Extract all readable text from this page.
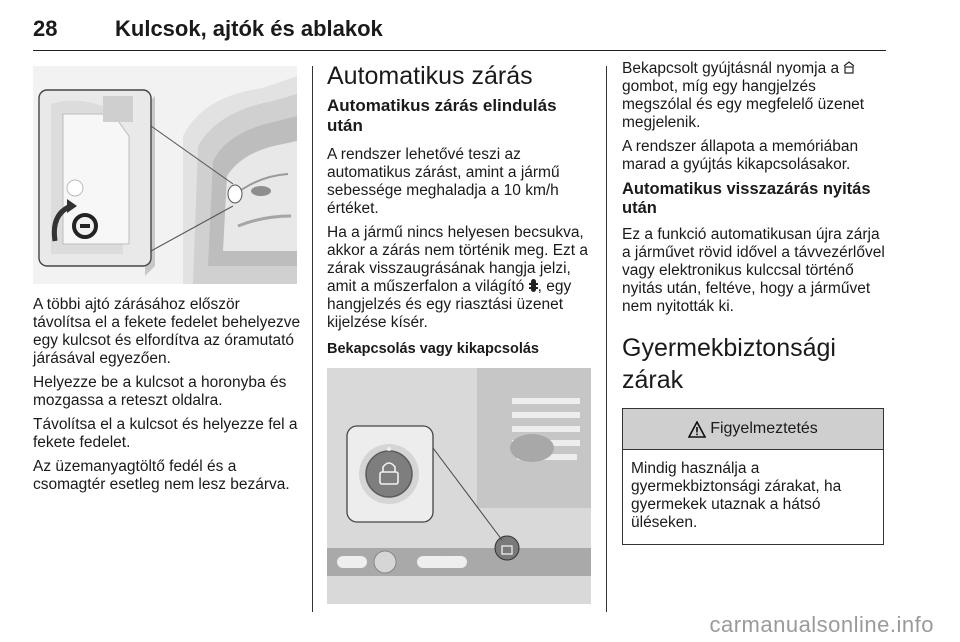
28	Kulcsok, ajtók és ablakok

A többi ajtó zárásához először távolítsa el a fekete fedelet behelyezve egy kulcsot és elfordítva az óramutató járásával egyezően.

Helyezze be a kulcsot a horonyba és mozgassa a reteszt oldalra.

Távolítsa el a kulcsot és helyezze fel a fekete fedelet.

Az üzemanyagtöltő fedél és a csomagtér esetleg nem lesz bezárva.

Automatikus zárás
Automatikus zárás elindulás után

A rendszer lehetővé teszi az automatikus zárást, amint a jármű sebessége meghaladja a 10 km/h értéket.

Ha a jármű nincs helyesen becsukva, akkor a zárás nem történik meg. Ezt a zárak visszaugrásának hangja jelzi, amit a műszerfalon a világító , egy hangjelzés és egy riasztási üzenet kijelzése kísér.

Bekapcsolás vagy kikapcsolás

Bekapcsolt gyújtásnál nyomja a  gombot, míg egy hangjelzés megszólal és egy megfelelő üzenet megjelenik.

A rendszer állapota a memóriában marad a gyújtás kikapcsolásakor.

Automatikus visszazárás nyitás után

Ez a funkció automatikusan újra zárja a járművet rövid idővel a távvezérlővel vagy elektronikus kulccsal történő nyitás után, feltéve, hogy a járművet nem nyitották ki.

Gyermekbiztonsági zárak
Figyelmeztetés

Mindig használja a gyermekbiztonsági zárakat, ha gyermekek utaznak a hátsó üléseken.

carmanualsonline.info
